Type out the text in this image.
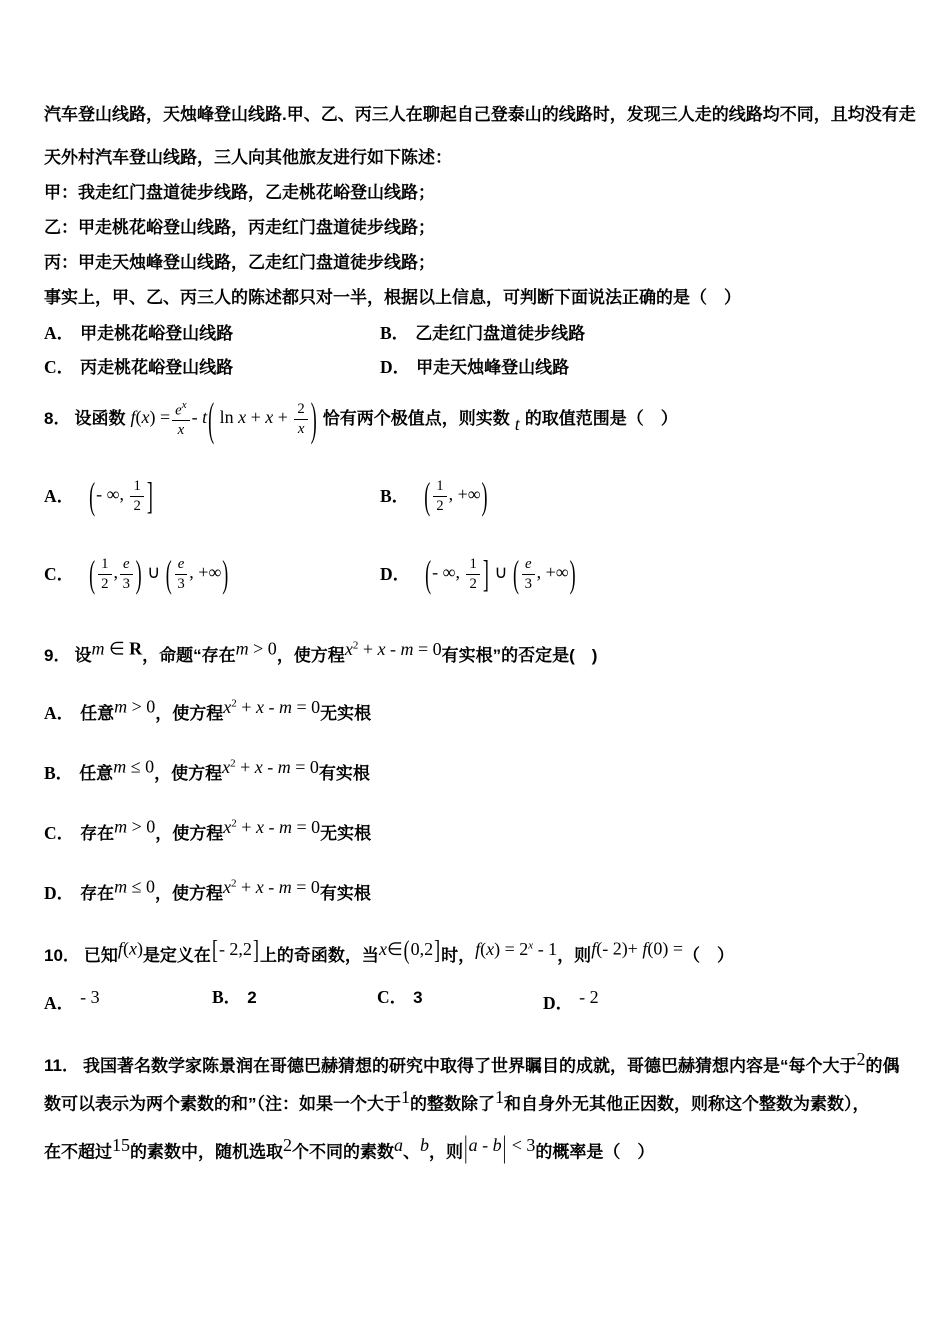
汽车登山线路，天烛峰登山线路.甲、乙、丙三人在聊起自己登泰山的线路时，发现三人走的线路均不同，且均没有走
天外村汽车登山线路，三人向其他旅友进行如下陈述：
甲：我走红门盘道徒步线路，乙走桃花峪登山线路；
乙：甲走桃花峪登山线路，丙走红门盘道徒步线路；
丙：甲走天烛峰登山线路，乙走红门盘道徒步线路；
事实上，甲、乙、丙三人的陈述都只对一半，根据以上信息，可判断下面说法正确的是（　）
A． 甲走桃花峪登山线路	B． 乙走红门盘道徒步线路
C． 丙走桃花峪登山线路	D． 甲走天烛峰登山线路
8． 设函数 $f(x) = \frac{e^x}{x} - t$( $\ln x + x + \frac{2}{x}$ ) 恰有两个极值点，则实数 t 的取值范围是（　）
A． (- ∞, $\frac{1}{2}$ ]	B． ( $\frac{1}{2}$ , +∞)
C． ( $\frac{1}{2}$ , $\frac{e}{3}$ ) ∪ ( $\frac{e}{3}$ , +∞)	D． (- ∞, $\frac{1}{2}$ ] ∪ ( $\frac{e}{3}$ , +∞)
9． 设m ∈ R，命题“存在m > 0，使方程$x^2 + x - m = 0$有实根”的否定是(　)
A． 任意m > 0，使方程$x^2 + x - m = 0$无实根
B． 任意m ≤ 0，使方程$x^2 + x - m = 0$有实根
C． 存在m > 0，使方程$x^2 + x - m = 0$无实根
D． 存在m ≤ 0，使方程$x^2 + x - m = 0$有实根
10． 已知f(x)是定义在[- 2,2]上的奇函数，当x∈(0,2]时，$f(x) = 2^x - 1$，则f(- 2)+ f(0) =（　）
A． - 3	B． 2	C． 3	D． - 2
11． 我国著名数学家陈景润在哥德巴赫猜想的研究中取得了世界瞩目的成就，哥德巴赫猜想内容是“每个大于2的偶
数可以表示为两个素数的和”（注：如果一个大于1的整数除了1和自身外无其他正因数，则称这个整数为素数），
在不超过15的素数中，随机选取2个不同的素数a、b，则|a - b| < 3的概率是（　）
